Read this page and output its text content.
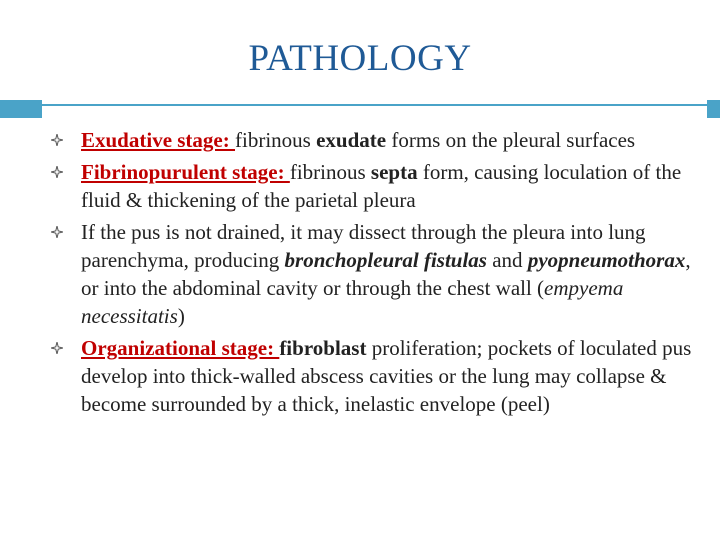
PATHOLOGY

Exudative stage: fibrinous exudate forms on the pleural surfaces

Fibrinopurulent stage: fibrinous septa form, causing loculation of the fluid & thickening of the parietal pleura

If the pus is not drained, it may dissect through the pleura into lung parenchyma, producing bronchopleural fistulas and pyopneumothorax, or into the abdominal cavity or through the chest wall (empyema necessitatis)

Organizational stage: fibroblast proliferation; pockets of loculated pus develop into thick-walled abscess cavities or the lung may collapse & become surrounded by a thick, inelastic envelope (peel)
